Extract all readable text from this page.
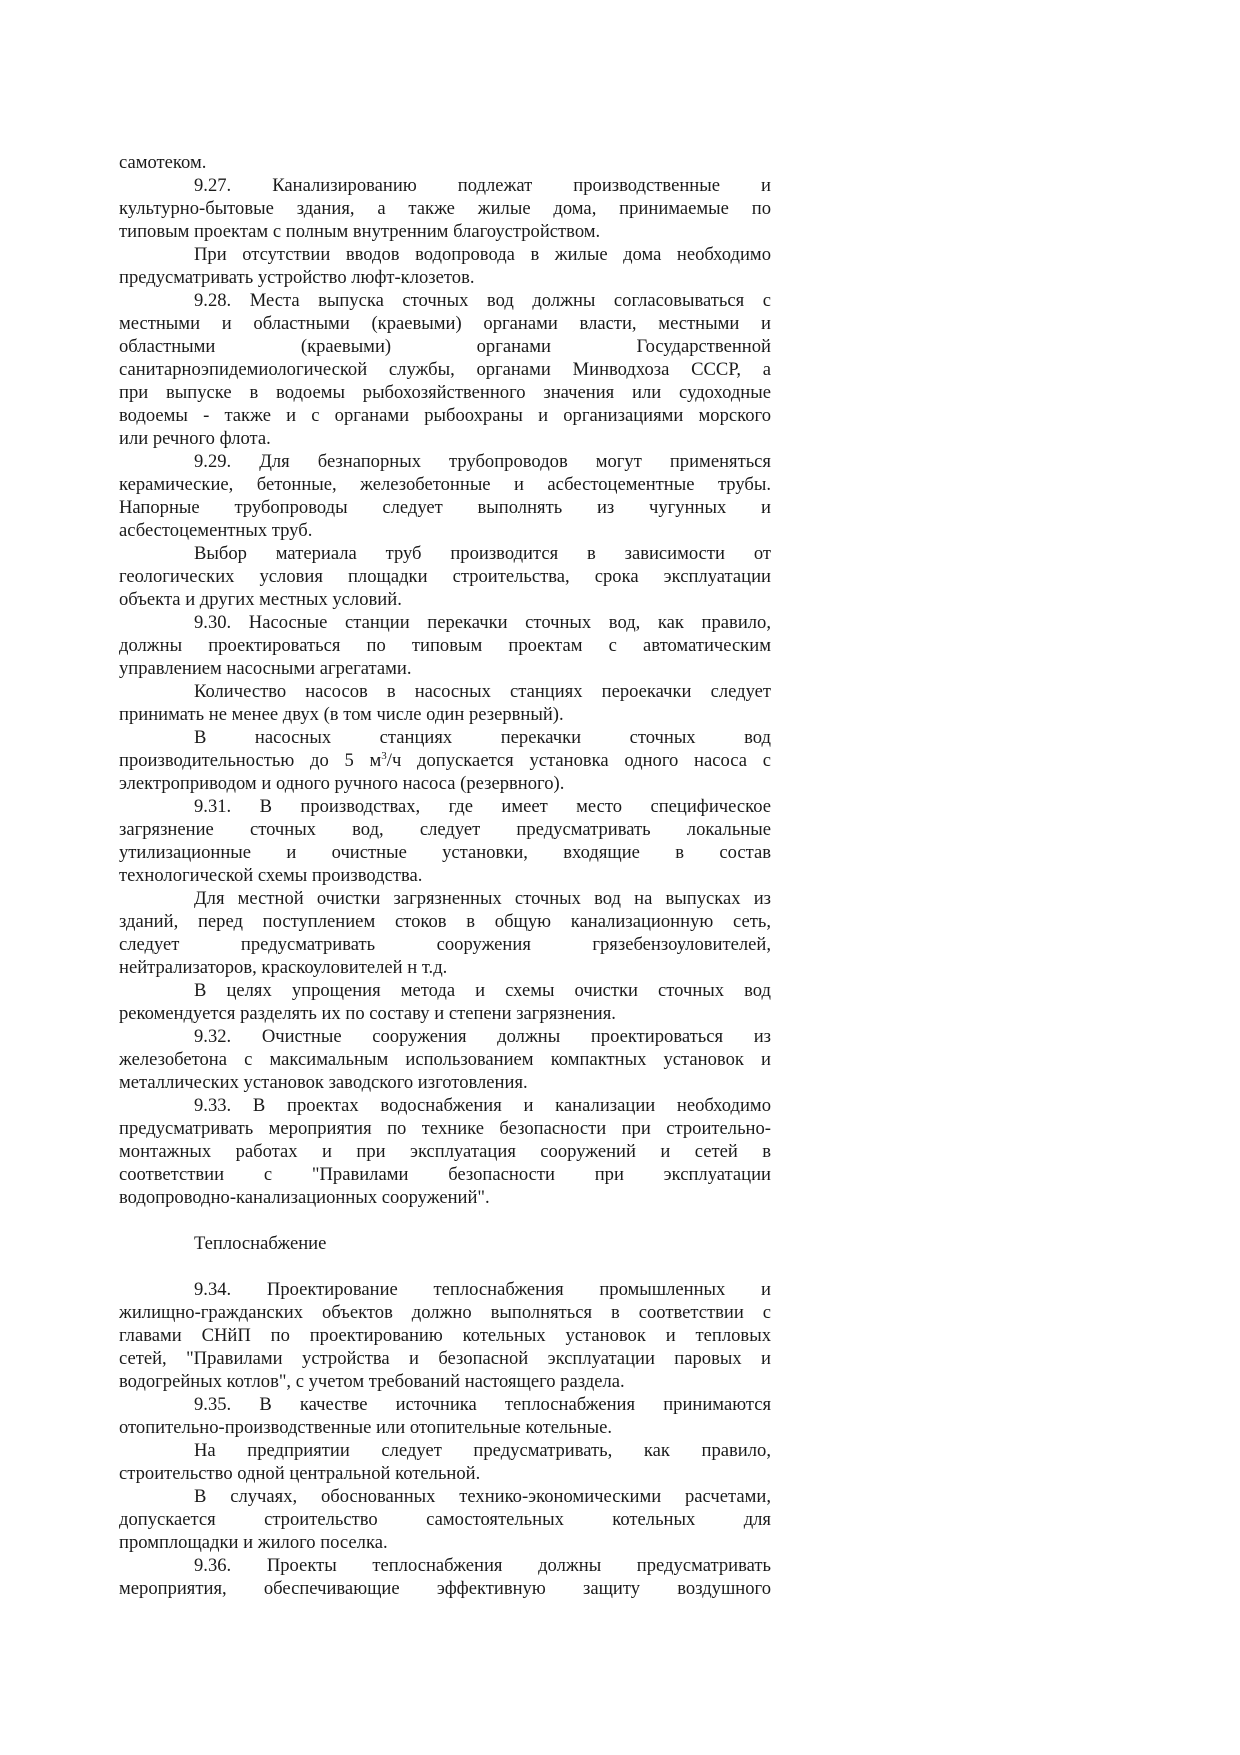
самотеком.
9.27. Канализированию подлежат производственные и
культурно-бытовые здания, а также жилые дома, принимаемые по
типовым проектам с полным внутренним благоустройством.
При отсутствии вводов водопровода в жилые дома необходимо
предусматривать устройство люфт-клозетов.
9.28. Места выпуска сточных вод должны согласовываться с
местными и областными (краевыми) органами власти, местными и
областными (краевыми) органами Государственной
санитарноэпидемиологической службы, органами Минводхоза СССР, а
при выпуске в водоемы рыбохозяйственного значения или судоходные
водоемы - также и с органами рыбоохраны и организациями морского
или речного флота.
9.29. Для безнапорных трубопроводов могут применяться
керамические, бетонные, железобетонные и асбестоцементные трубы.
Напорные трубопроводы следует выполнять из чугунных и
асбестоцементных труб.
Выбор материала труб производится в зависимости от
геологических условия площадки строительства, срока эксплуатации
объекта и других местных условий.
9.30. Насосные станции перекачки сточных вод, как правило,
должны проектироваться по типовым проектам с автоматическим
управлением насосными агрегатами.
Количество насосов в насосных станциях пероекачки следует
принимать не менее двух (в том числе один резервный).
В насосных станциях перекачки сточных вод
производительностью до 5 $м^3/ч$ допускается установка одного насоса с
электроприводом и одного ручного насоса (резервного).
9.31. В производствах, где имеет место специфическое
загрязнение сточных вод, следует предусматривать локальные
утилизационные и очистные установки, входящие в состав
технологической схемы производства.
Для местной очистки загрязненных сточных вод на выпусках из
зданий, перед поступлением стоков в общую канализационную сеть,
следует предусматривать сооружения грязебензоуловителей,
нейтрализаторов, краскоуловителей н т.д.
В целях упрощения метода и схемы очистки сточных вод
рекомендуется разделять их по составу и степени загрязнения.
9.32. Очистные сооружения должны проектироваться из
железобетона с максимальным использованием компактных установок и
металлических установок заводского изготовления.
9.33. В проектах водоснабжения и канализации необходимо
предусматривать мероприятия по технике безопасности при строительно-
монтажных работах и при эксплуатация сооружений и сетей в
соответствии с "Правилами безопасности при эксплуатации
водопроводно-канализационных сооружений".
Теплоснабжение
9.34. Проектирование теплоснабжения промышленных и
жилищно-гражданских объектов должно выполняться в соответствии с
главами СНйП по проектированию котельных установок и тепловых
сетей, "Правилами устройства и безопасной эксплуатации паровых и
водогрейных котлов", с учетом требований настоящего раздела.
9.35. В качестве источника теплоснабжения принимаются
отопительно-производственные или отопительные котельные.
На предприятии следует предусматривать, как правило,
строительство одной центральной котельной.
В случаях, обоснованных технико-экономическими расчетами,
допускается строительство самостоятельных котельных для
промплощадки и жилого поселка.
9.36. Проекты теплоснабжения должны предусматривать
мероприятия, обеспечивающие эффективную защиту воздушного
